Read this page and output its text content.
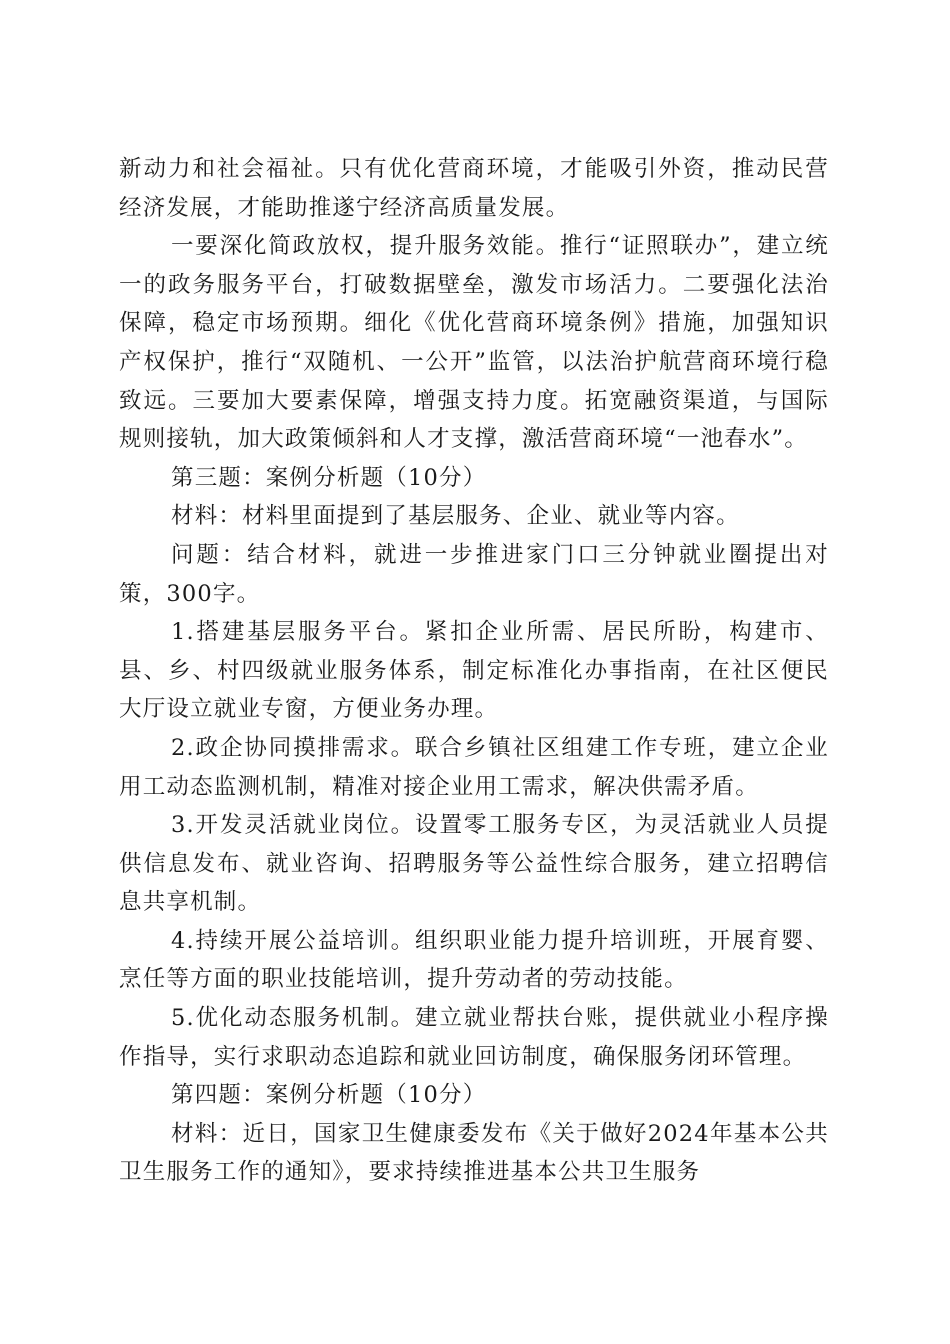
新动力和社会福祉。只有优化营商环境，才能吸引外资，推动民营经济发展，才能助推遂宁经济高质量发展。

一要深化简政放权，提升服务效能。推行“证照联办”，建立统一的政务服务平台，打破数据壁垒，激发市场活力。二要强化法治保障，稳定市场预期。细化《优化营商环境条例》措施，加强知识产权保护，推行“双随机、一公开”监管，以法治护航营商环境行稳致远。三要加大要素保障，增强支持力度。拓宽融资渠道，与国际规则接轨，加大政策倾斜和人才支撑，激活营商环境“一池春水”。

第三题：案例分析题（10分）

材料：材料里面提到了基层服务、企业、就业等内容。

问题：结合材料，就进一步推进家门口三分钟就业圈提出对策，300字。

1.搭建基层服务平台。紧扣企业所需、居民所盼，构建市、县、乡、村四级就业服务体系，制定标准化办事指南，在社区便民大厅设立就业专窗，方便业务办理。

2.政企协同摸排需求。联合乡镇社区组建工作专班，建立企业用工动态监测机制，精准对接企业用工需求，解决供需矛盾。

3.开发灵活就业岗位。设置零工服务专区，为灵活就业人员提供信息发布、就业咨询、招聘服务等公益性综合服务，建立招聘信息共享机制。

4.持续开展公益培训。组织职业能力提升培训班，开展育婴、烹任等方面的职业技能培训，提升劳动者的劳动技能。

5.优化动态服务机制。建立就业帮扶台账，提供就业小程序操作指导，实行求职动态追踪和就业回访制度，确保服务闭环管理。

第四题：案例分析题（10分）

材料：近日，国家卫生健康委发布《关于做好2024年基本公共卫生服务工作的通知》，要求持续推进基本公共卫生服务
